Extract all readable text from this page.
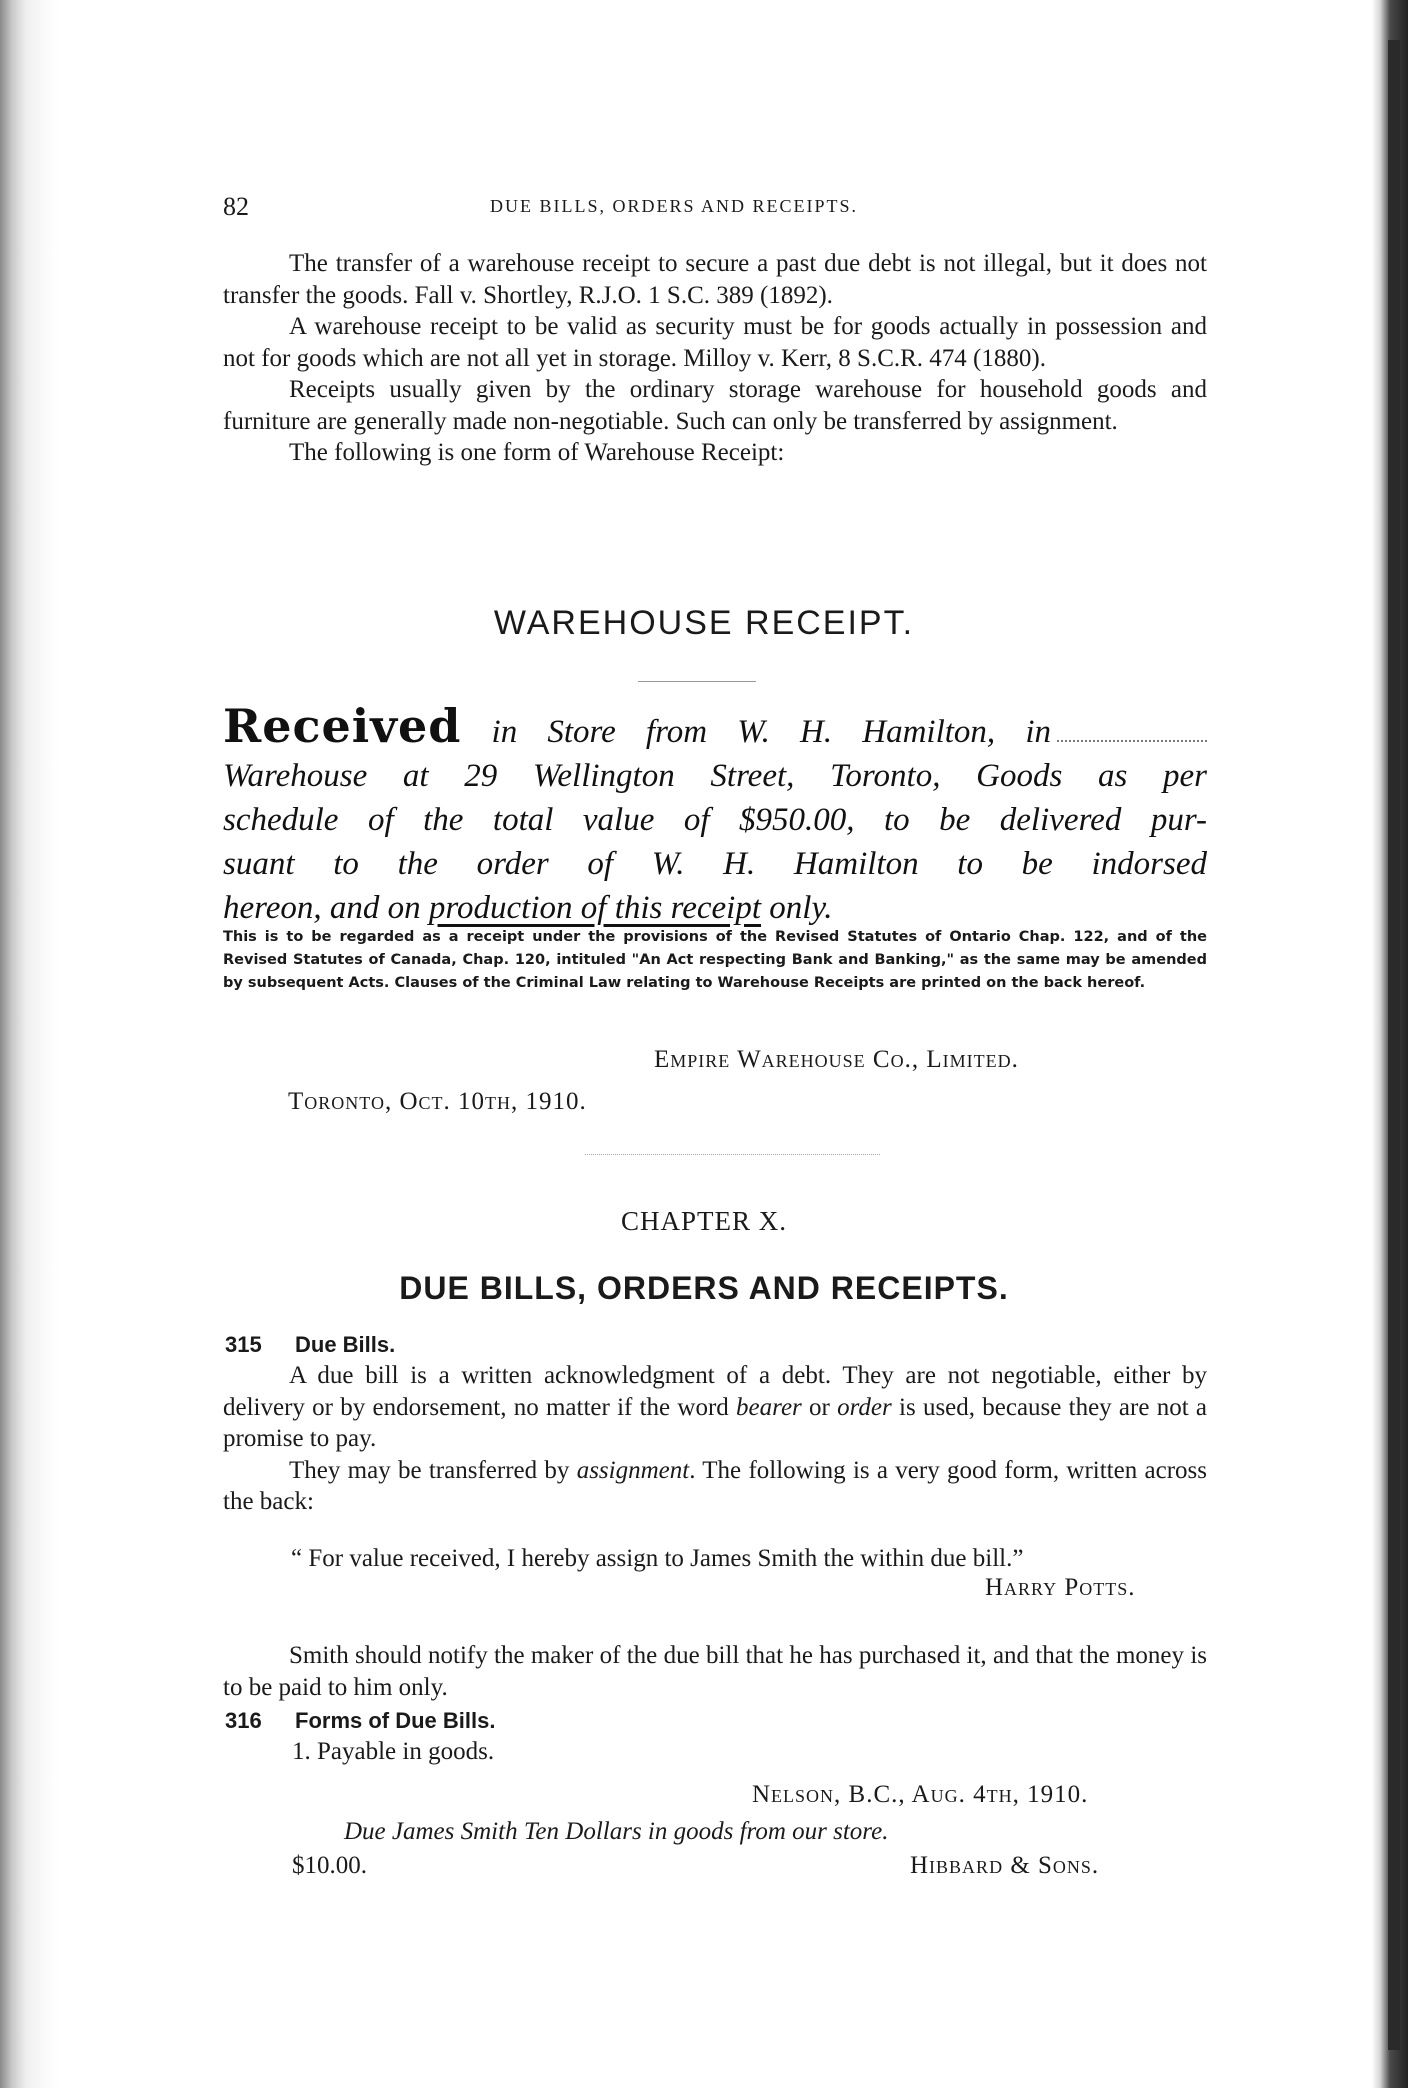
82	DUE BILLS, ORDERS AND RECEIPTS.

The transfer of a warehouse receipt to secure a past due debt is not illegal, but it does not transfer the goods. Fall v. Shortley, R.J.O. 1 S.C. 389 (1892).

A warehouse receipt to be valid as security must be for goods actually in possession and not for goods which are not all yet in storage. Milloy v. Kerr, 8 S.C.R. 474 (1880).

Receipts usually given by the ordinary storage warehouse for household goods and furniture are generally made non-negotiable. Such can only be transferred by assignment.

The following is one form of Warehouse Receipt:

WAREHOUSE RECEIPT.
Received in Store from W. H. Hamilton, in
Warehouse at 29 Wellington Street, Toronto, Goods as per
schedule of the total value of $950.00, to be delivered pur-
suant to the order of W. H. Hamilton to be indorsed
hereon, and on production of this receipt only.
This is to be regarded as a receipt under the provisions of the Revised Statutes of Ontario Chap. 122, and of the Revised Statutes of Canada, Chap. 120, intituled "An Act respecting Bank and Banking," as the same may be amended by subsequent Acts. Clauses of the Criminal Law relating to Warehouse Receipts are printed on the back hereof.
Empire Warehouse Co., Limited.
Toronto, Oct. 10th, 1910.
CHAPTER X.
DUE BILLS, ORDERS AND RECEIPTS.
315 Due Bills.

A due bill is a written acknowledgment of a debt. They are not negotiable, either by delivery or by endorsement, no matter if the word bearer or order is used, because they are not a promise to pay.

They may be transferred by assignment. The following is a very good form, written across the back:

“ For value received, I hereby assign to James Smith the within due bill.”

Harry Potts.

Smith should notify the maker of the due bill that he has purchased it, and that the money is to be paid to him only.

316 Forms of Due Bills.
1. Payable in goods.
Nelson, B.C., Aug. 4th, 1910.
Due James Smith Ten Dollars in goods from our store.
$10.00.	Hibbard & Sons.
